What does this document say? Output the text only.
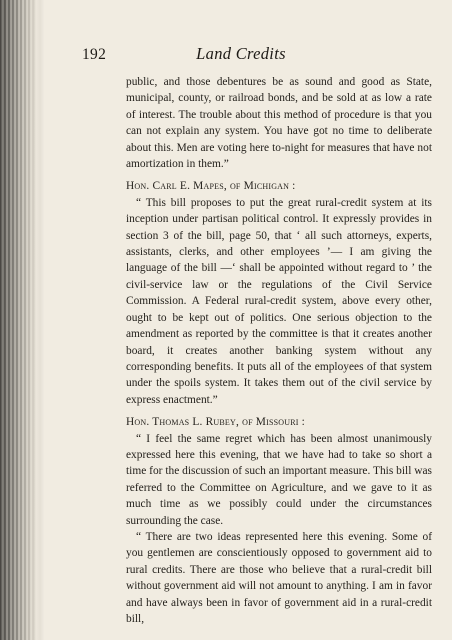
192	Land Credits

public, and those debentures be as sound and good as State, municipal, county, or railroad bonds, and be sold at as low a rate of interest. The trouble about this method of procedure is that you can not explain any system. You have got no time to deliberate about this. Men are voting here to-night for measures that have not amortization in them.”

Hon. Carl E. Mapes, of Michigan :

“ This bill proposes to put the great rural-credit system at its inception under partisan political control. It expressly provides in section 3 of the bill, page 50, that ‘ all such attorneys, experts, assistants, clerks, and other employees ’— I am giving the language of the bill —‘ shall be appointed without regard to ’ the civil-service law or the regulations of the Civil Service Commission. A Federal rural-credit system, above every other, ought to be kept out of politics. One serious objection to the amendment as reported by the committee is that it creates another board, it creates another banking system without any corresponding benefits. It puts all of the employees of that system under the spoils system. It takes them out of the civil service by express enactment.”

Hon. Thomas L. Rubey, of Missouri :

“ I feel the same regret which has been almost unanimously expressed here this evening, that we have had to take so short a time for the discussion of such an important measure. This bill was referred to the Committee on Agriculture, and we gave to it as much time as we possibly could under the circumstances surrounding the case.

“ There are two ideas represented here this evening. Some of you gentlemen are conscientiously opposed to government aid to rural credits. There are those who believe that a rural-credit bill without government aid will not amount to anything. I am in favor and have always been in favor of government aid in a rural-credit bill,
